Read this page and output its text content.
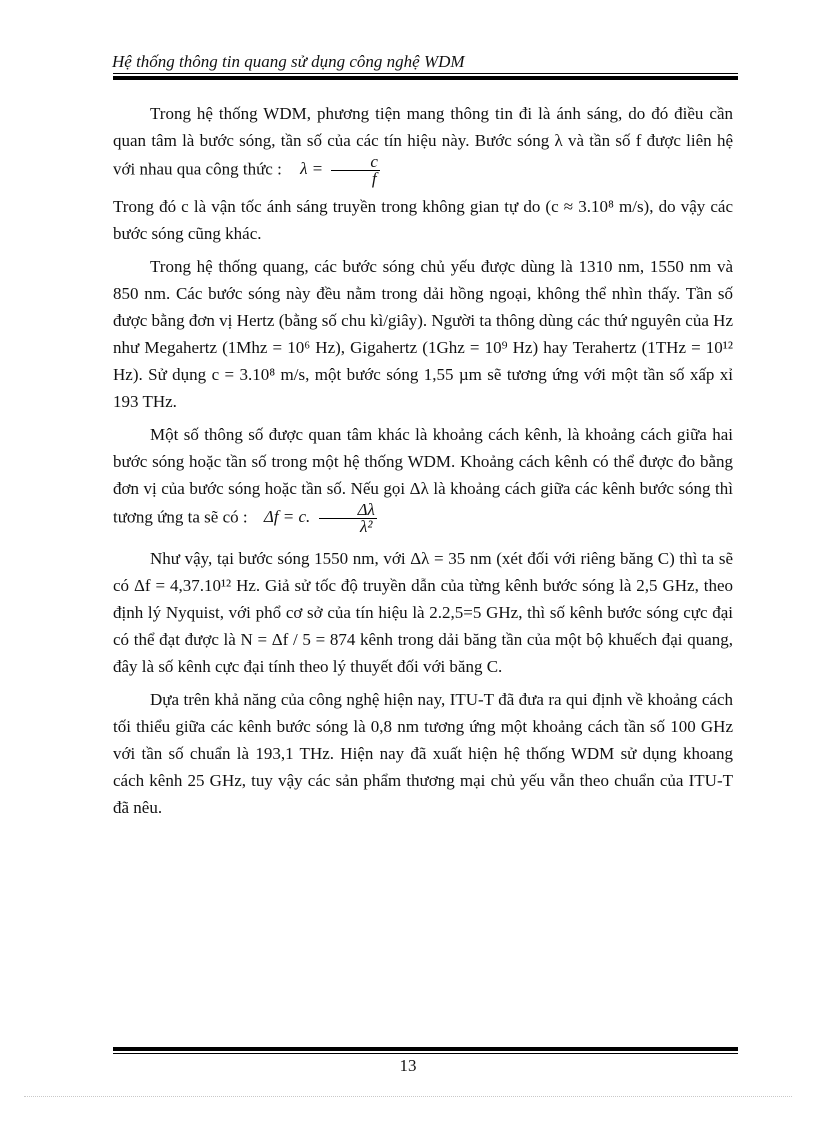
Hệ thống thông tin quang sử dụng công nghệ WDM

Trong hệ thống WDM, phương tiện mang thông tin đi là ánh sáng, do đó điều cần quan tâm là bước sóng, tần số của các tín hiệu này. Bước sóng λ và tần số f được liên hệ với nhau qua công thức : $\lambda = \frac{c}{f}$

Trong đó c là vận tốc ánh sáng truyền trong không gian tự do (c ≈ 3.10⁸ m/s), do vậy các bước sóng cũng khác.

Trong hệ thống quang, các bước sóng chủ yếu được dùng là 1310 nm, 1550 nm và 850 nm. Các bước sóng này đều nằm trong dải hồng ngoại, không thể nhìn thấy. Tần số được bằng đơn vị Hertz (bằng số chu kì/giây). Người ta thông dùng các thứ nguyên của Hz như Megahertz (1Mhz = 10⁶ Hz), Gigahertz (1Ghz = 10⁹ Hz) hay Terahertz (1THz = 10¹² Hz). Sử dụng c = 3.10⁸ m/s, một bước sóng 1,55 µm sẽ tương ứng với một tần số xấp xỉ 193 THz.

Một số thông số được quan tâm khác là khoảng cách kênh, là khoảng cách giữa hai bước sóng hoặc tần số trong một hệ thống WDM. Khoảng cách kênh có thể được đo bằng đơn vị của bước sóng hoặc tần số. Nếu gọi Δλ là khoảng cách giữa các kênh bước sóng thì tương ứng ta sẽ có : Δf = c. $\frac{\Delta\lambda}{\text{λ²}}$

Như vậy, tại bước sóng 1550 nm, với Δλ = 35 nm (xét đối với riêng băng C) thì ta sẽ có Δf = 4,37.10¹² Hz. Giả sử tốc độ truyền dẫn của từng kênh bước sóng là 2,5 GHz, theo định lý Nyquist, với phổ cơ sở của tín hiệu là 2.2,5=5 GHz, thì số kênh bước sóng cực đại có thể đạt được là N = Δf / 5 = 874 kênh trong dải băng tần của một bộ khuếch đại quang, đây là số kênh cực đại tính theo lý thuyết đối với băng C.

Dựa trên khả năng của công nghệ hiện nay, ITU-T đã đưa ra qui định về khoảng cách tối thiểu giữa các kênh bước sóng là 0,8 nm tương ứng một khoảng cách tần số 100 GHz với tần số chuẩn là 193,1 THz. Hiện nay đã xuất hiện hệ thống WDM sử dụng khoang cách kênh 25 GHz, tuy vậy các sản phẩm thương mại chủ yếu vẫn theo chuẩn của ITU-T đã nêu.

13
